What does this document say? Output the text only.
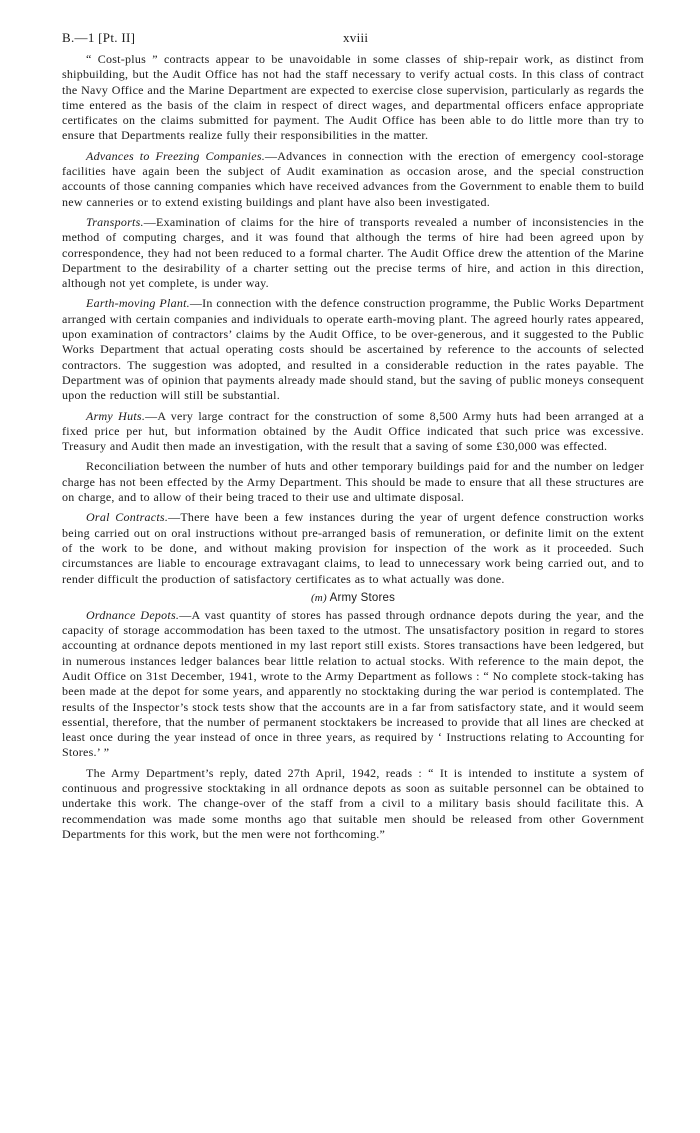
B.—1 [Pt. II]	xviii

“ Cost-plus ” contracts appear to be unavoidable in some classes of ship-repair work, as distinct from shipbuilding, but the Audit Office has not had the staff necessary to verify actual costs. In this class of contract the Navy Office and the Marine Department are expected to exercise close supervision, particularly as regards the time entered as the basis of the claim in respect of direct wages, and departmental officers enface appropriate certificates on the claims submitted for payment. The Audit Office has been able to do little more than try to ensure that Departments realize fully their responsibilities in the matter.

Advances to Freezing Companies.—Advances in connection with the erection of emergency cool-storage facilities have again been the subject of Audit examination as occasion arose, and the special construction accounts of those canning companies which have received advances from the Government to enable them to build new canneries or to extend existing buildings and plant have also been investigated.

Transports.—Examination of claims for the hire of transports revealed a number of inconsistencies in the method of computing charges, and it was found that although the terms of hire had been agreed upon by correspondence, they had not been reduced to a formal charter. The Audit Office drew the attention of the Marine Department to the desirability of a charter setting out the precise terms of hire, and action in this direction, although not yet complete, is under way.

Earth-moving Plant.—In connection with the defence construction programme, the Public Works Department arranged with certain companies and individuals to operate earth-moving plant. The agreed hourly rates appeared, upon examination of contractors’ claims by the Audit Office, to be over-generous, and it suggested to the Public Works Department that actual operating costs should be ascertained by reference to the accounts of selected contractors. The suggestion was adopted, and resulted in a considerable reduction in the rates payable. The Department was of opinion that payments already made should stand, but the saving of public moneys consequent upon the reduction will still be substantial.

Army Huts.—A very large contract for the construction of some 8,500 Army huts had been arranged at a fixed price per hut, but information obtained by the Audit Office indicated that such price was excessive. Treasury and Audit then made an investigation, with the result that a saving of some £30,000 was effected.

Reconciliation between the number of huts and other temporary buildings paid for and the number on ledger charge has not been effected by the Army Department. This should be made to ensure that all these structures are on charge, and to allow of their being traced to their use and ultimate disposal.

Oral Contracts.—There have been a few instances during the year of urgent defence construction works being carried out on oral instructions without pre-arranged basis of remuneration, or definite limit on the extent of the work to be done, and without making provision for inspection of the work as it proceeded. Such circumstances are liable to encourage extravagant claims, to lead to unnecessary work being carried out, and to render difficult the production of satisfactory certificates as to what actually was done.

(m) Army Stores

Ordnance Depots.—A vast quantity of stores has passed through ordnance depots during the year, and the capacity of storage accommodation has been taxed to the utmost. The unsatisfactory position in regard to stores accounting at ordnance depots mentioned in my last report still exists. Stores transactions have been ledgered, but in numerous instances ledger balances bear little relation to actual stocks. With reference to the main depot, the Audit Office on 31st December, 1941, wrote to the Army Department as follows : “ No complete stock-taking has been made at the depot for some years, and apparently no stocktaking during the war period is contemplated. The results of the Inspector’s stock tests show that the accounts are in a far from satisfactory state, and it would seem essential, therefore, that the number of permanent stocktakers be increased to provide that all lines are checked at least once during the year instead of once in three years, as required by ‘ Instructions relating to Accounting for Stores.’ ”

The Army Department’s reply, dated 27th April, 1942, reads : “ It is intended to institute a system of continuous and progressive stocktaking in all ordnance depots as soon as suitable personnel can be obtained to undertake this work. The change-over of the staff from a civil to a military basis should facilitate this. A recommendation was made some months ago that suitable men should be released from other Government Departments for this work, but the men were not forthcoming.”
